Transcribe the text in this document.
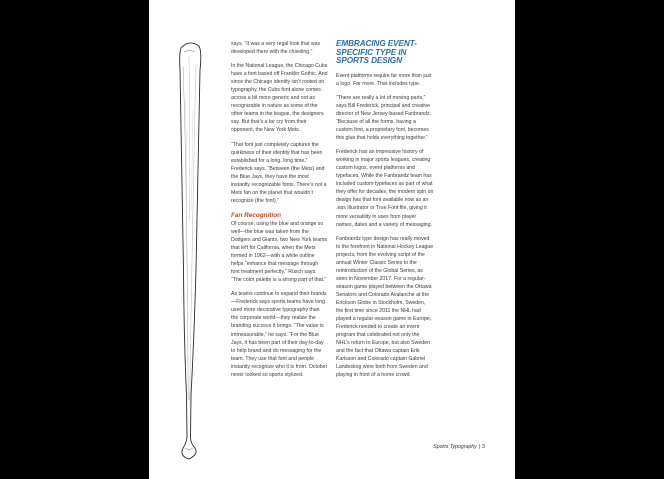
says. “It was a very regal look that was developed there with the chiseling.”

In the National League, the Chicago Cubs have a font based off Franklin Gothic. And since the Chicago identity isn’t rooted on typography, the Cubs font alone comes across a bit more generic and not as recognizable in nature as some of the other teams in the league, the designers say. But that’s a far cry from their opponent, the New York Mets.

“That font just completely captures the quirkiness of their identity that has been established for a long, long time,” Frederick says. “Between (the Mets) and the Blue Jays, they have the most instantly recognizable fonts. There’s not a Mets fan on the planet that wouldn’t recognize (the font).”

Fan Recognition

Of course, using the blue and orange so well—the blue was taken from the Dodgers and Giants, two New York teams that left for California, when the Mets formed in 1962—with a white outline helps “enhance that message through font treatment perfectly,” Rüsch says. “The color palette is a strong part of that.”

As teams continue to expand their brands—Frederick says sports teams have long used more decorative typography than the corporate world—they realize the branding success it brings. “The value is immeasurable,” he says. “For the Blue Jays, it has been part of their day-to-day to help brand and do messaging for the team. They use that font and people instantly recognize who it is from. October never looked so sports stylized.

EMBRACING EVENT-SPECIFIC TYPE IN SPORTS DESIGN

Event platforms require far more than just a logo. Far more. That includes type.

“There are really a lot of moving parts,” says Bill Frederick, principal and creative director of New Jersey-based Fanbrandz. “Because of all the forms, having a custom font, a proprietary font, becomes this glue that holds everything together.”

Frederick has an impressive history of working in major sports leagues, creating custom logos, event platforms and typefaces. While the Fanbrandz team has included custom typefaces as part of what they offer for decades, the modern spin on design has that font available now as an .eps Illustrator or True Font file, giving it more versatility in uses from player names, dates and a variety of messaging.

Fanbrandz type design has really moved to the forefront in National Hockey League projects, from the evolving script of the annual Winter Classic Series to the reintroduction of the Global Series, as seen in November 2017. For a regular-season game played between the Ottawa Senators and Colorado Avalanche at the Erickson Globe in Stockholm, Sweden, the first time since 2011 the NHL had played a regular-season game in Europe, Frederick needed to create an event program that celebrated not only the NHL’s return to Europe, but also Sweden and the fact that Ottawa captain Erik Karlsson and Colorado captain Gabriel Landeskog were both from Sweden and playing in front of a home crowd.

Sports Typography | 3
